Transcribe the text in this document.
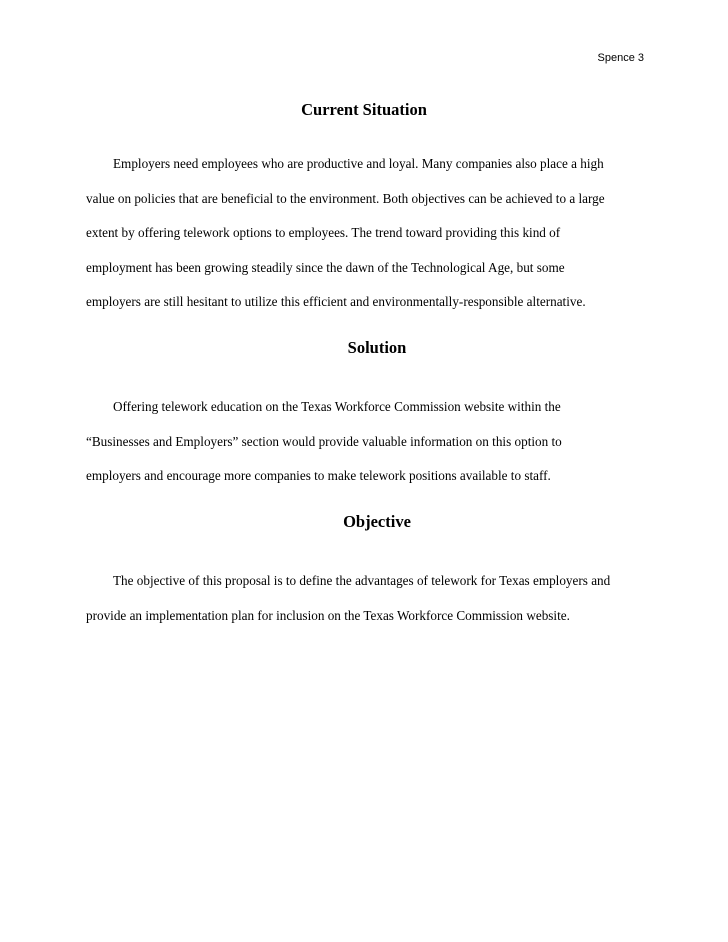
Spence 3
Current Situation
Employers need employees who are productive and loyal. Many companies also place a high
value on policies that are beneficial to the environment. Both objectives can be achieved to a large
extent by offering telework options to employees. The trend toward providing this kind of
employment has been growing steadily since the dawn of the Technological Age, but some
employers are still hesitant to utilize this efficient and environmentally-responsible alternative.
Solution
Offering telework education on the Texas Workforce Commission website within the
“Businesses and Employers” section would provide valuable information on this option to
employers and encourage more companies to make telework positions available to staff.
Objective
The objective of this proposal is to define the advantages of telework for Texas employers and
provide an implementation plan for inclusion on the Texas Workforce Commission website.
